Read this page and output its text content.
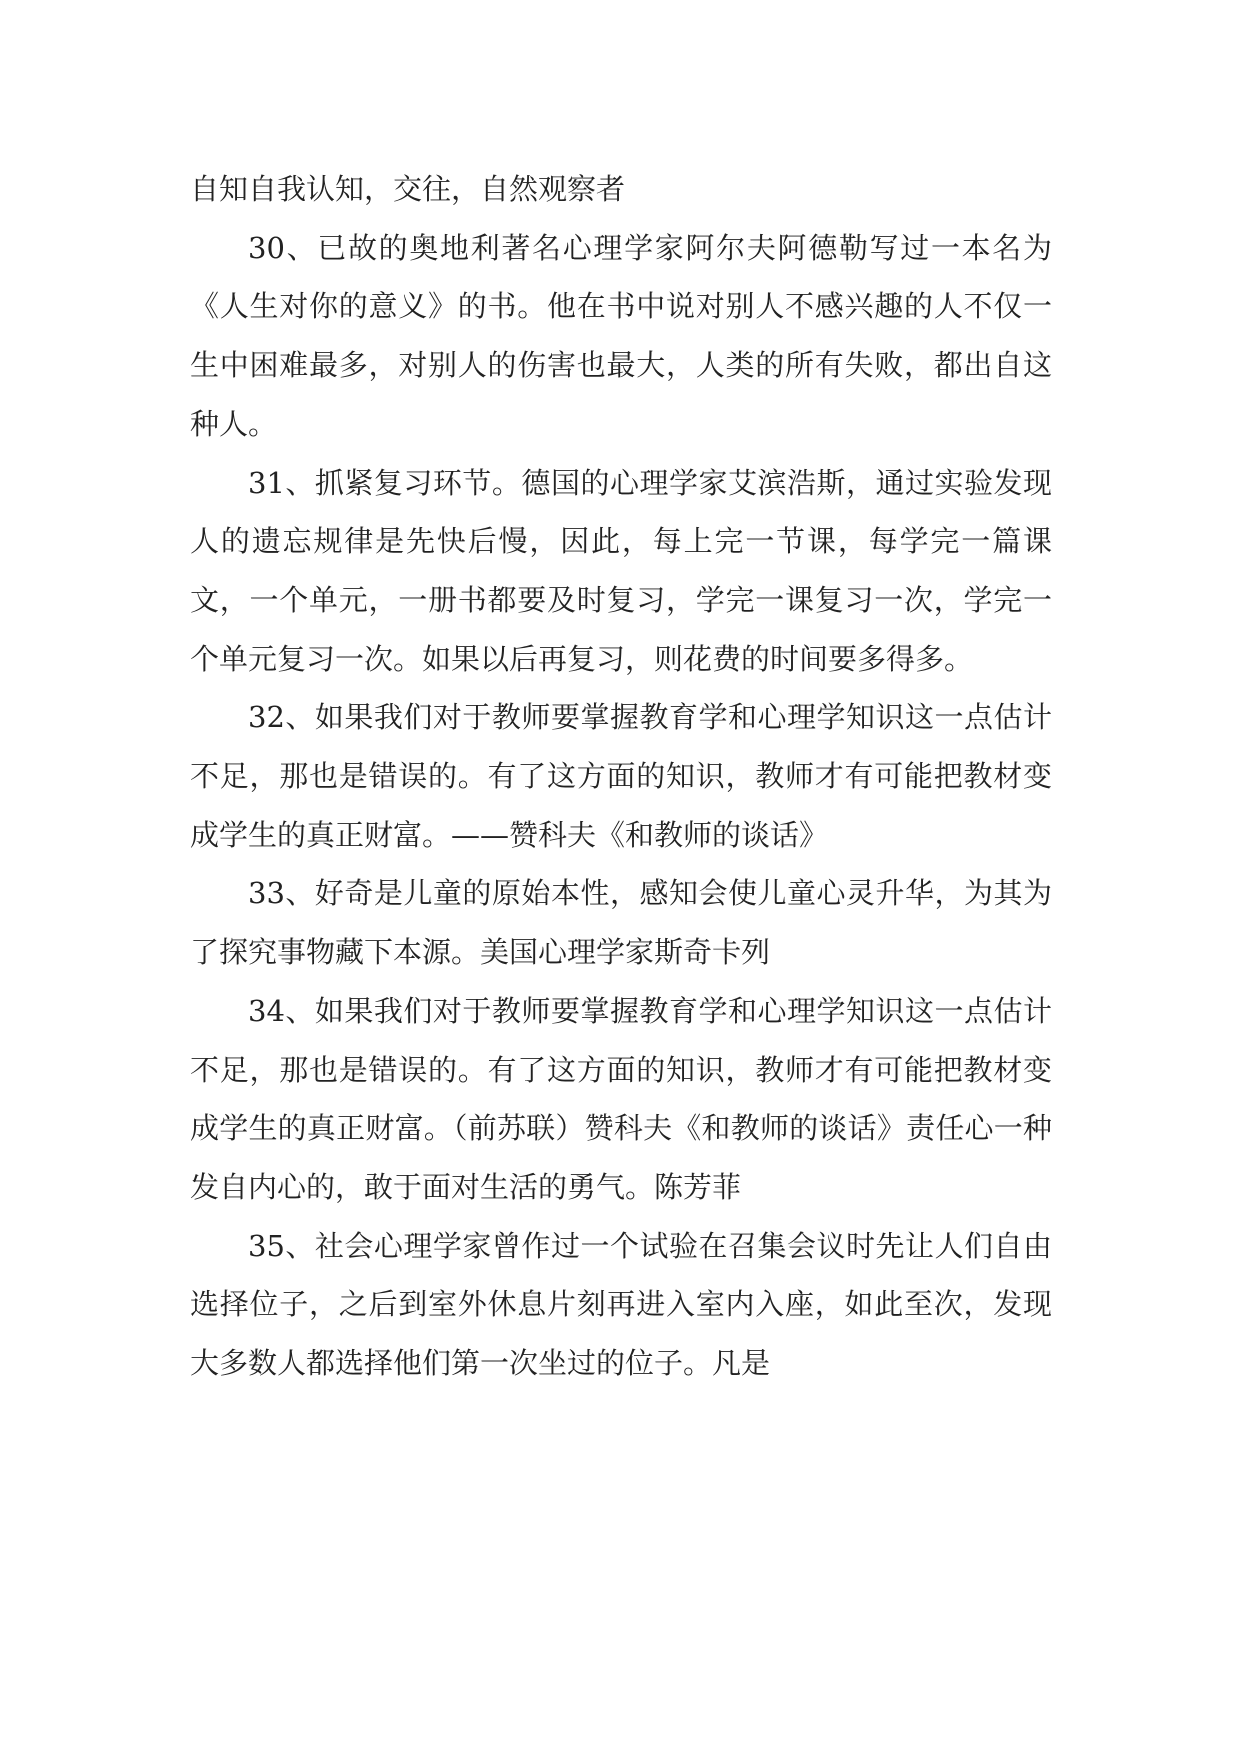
自知自我认知，交往，自然观察者

30、已故的奥地利著名心理学家阿尔夫阿德勒写过一本名为《人生对你的意义》的书。他在书中说对别人不感兴趣的人不仅一生中困难最多，对别人的伤害也最大，人类的所有失败，都出自这种人。

31、抓紧复习环节。德国的心理学家艾滨浩斯，通过实验发现人的遗忘规律是先快后慢，因此，每上完一节课，每学完一篇课文，一个单元，一册书都要及时复习，学完一课复习一次，学完一个单元复习一次。如果以后再复习，则花费的时间要多得多。

32、如果我们对于教师要掌握教育学和心理学知识这一点估计不足，那也是错误的。有了这方面的知识，教师才有可能把教材变成学生的真正财富。——赞科夫《和教师的谈话》

33、好奇是儿童的原始本性，感知会使儿童心灵升华，为其为了探究事物藏下本源。美国心理学家斯奇卡列

34、如果我们对于教师要掌握教育学和心理学知识这一点估计不足，那也是错误的。有了这方面的知识，教师才有可能把教材变成学生的真正财富。（前苏联）赞科夫《和教师的谈话》责任心一种发自内心的，敢于面对生活的勇气。陈芳菲

35、社会心理学家曾作过一个试验在召集会议时先让人们自由选择位子，之后到室外休息片刻再进入室内入座，如此至次，发现大多数人都选择他们第一次坐过的位子。凡是
